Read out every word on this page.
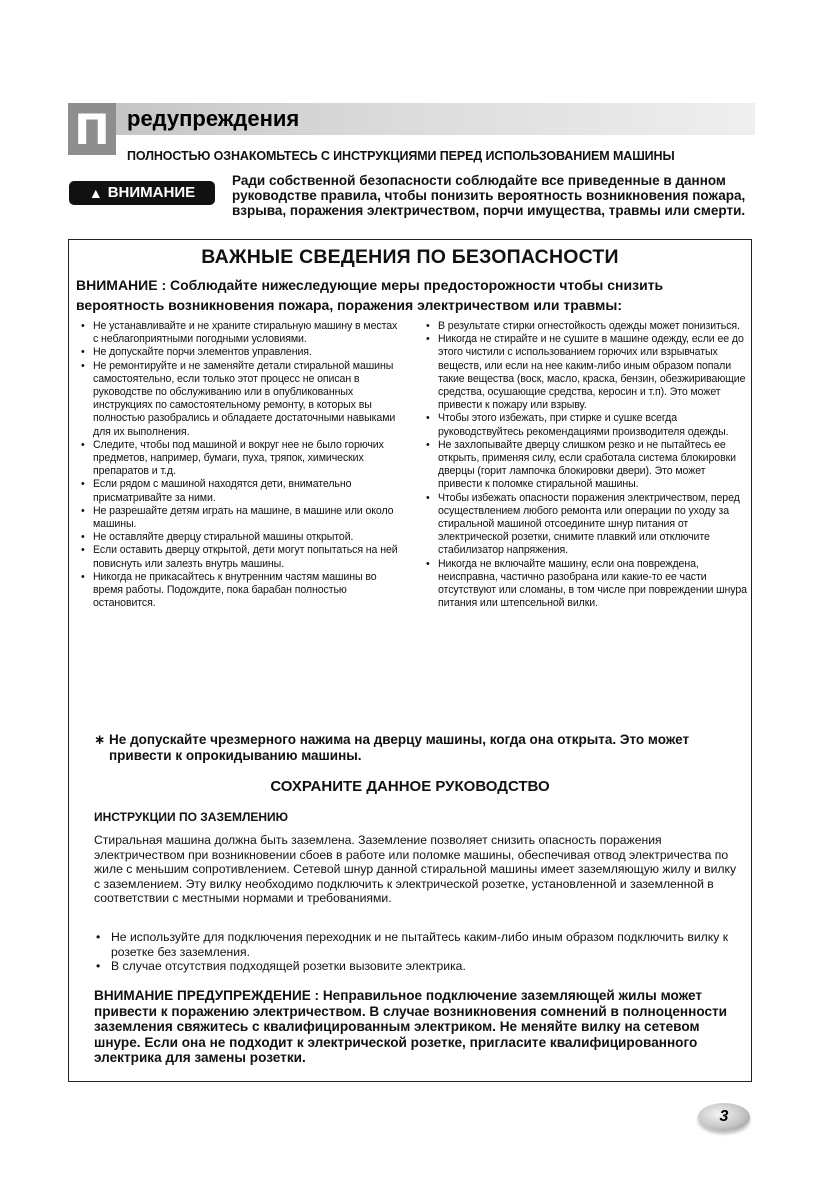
П редупреждения
ПОЛНОСТЬЮ ОЗНАКОМЬТЕСЬ С ИНСТРУКЦИЯМИ ПЕРЕД ИСПОЛЬЗОВАНИЕМ МАШИНЫ
▲ ВНИМАНИЕ
Ради собственной безопасности соблюдайте все приведенные в данном руководстве правила, чтобы понизить вероятность возникновения пожара, взрыва, поражения электричеством, порчи имущества, травмы или смерти.
ВАЖНЫЕ СВЕДЕНИЯ ПО БЕЗОПАСНОСТИ
ВНИМАНИЕ : Соблюдайте нижеследующие меры предосторожности чтобы снизить вероятность возникновения пожара, поражения электричеством или травмы:
• Не устанавливайте и не храните стиральную машину в местах с неблагоприятными погодными условиями.
• Не допускайте порчи элементов управления.
• Не ремонтируйте и не заменяйте детали стиральной машины самостоятельно, если только этот процесс не описан в руководстве по обслуживанию или в опубликованных инструкциях по самостоятельному ремонту, в которых вы полностью разобрались и обладаете достаточными навыками для их выполнения.
• Следите, чтобы под машиной и вокруг нее не было горючих предметов, например, бумаги, пуха, тряпок, химических препаратов и т.д.
• Если рядом с машиной находятся дети, внимательно присматривайте за ними.
• Не разрешайте детям играть на машине, в машине или около машины.
• Не оставляйте дверцу стиральной машины открытой.
• Если оставить дверцу открытой, дети могут попытаться на ней повиснуть или залезть внутрь машины.
• Никогда не прикасайтесь к внутренним частям машины во время работы. Подождите, пока барабан полностью остановится.
• В результате стирки огнестойкость одежды может понизиться.
• Никогда не стирайте и не сушите в машине одежду, если ее до этого чистили с использованием горючих или взрывчатых веществ, или если на нее каким-либо иным образом попали такие вещества (воск, масло, краска, бензин, обезжиривающие средства, осушающие средства, керосин и т.п). Это может привести к пожару или взрыву.
• Чтобы этого избежать, при стирке и сушке всегда руководствуйтесь рекомендациями производителя одежды.
• Не захлопывайте дверцу слишком резко и не пытайтесь ее открыть, применяя силу, если сработала система блокировки дверцы (горит лампочка блокировки двери). Это может привести к поломке стиральной машины.
• Чтобы избежать опасности поражения электричеством, перед осуществлением любого ремонта или операции по уходу за стиральной машиной отсоедините шнур питания от электрической розетки, снимите плавкий или отключите стабилизатор напряжения.
• Никогда не включайте машину, если она повреждена, неисправна, частично разобрана или какие-то ее части отсутствуют или сломаны, в том числе при повреждении шнура питания или штепсельной вилки.
∗ Не допускайте чрезмерного нажима на дверцу машины, когда она открыта. Это может привести к опрокидыванию машины.
СОХРАНИТЕ ДАННОЕ РУКОВОДСТВО
ИНСТРУКЦИИ ПО ЗАЗЕМЛЕНИЮ
Стиральная машина должна быть заземлена. Заземление позволяет снизить опасность поражения электричеством при возникновении сбоев в работе или поломке машины, обеспечивая отвод электричества по жиле с меньшим сопротивлением. Сетевой шнур данной стиральной машины имеет заземляющую жилу и вилку с заземлением. Эту вилку необходимо подключить к электрической розетке, установленной и заземленной в соответствии с местными нормами и требованиями.
• Не используйте для подключения переходник и не пытайтесь каким-либо иным образом подключить вилку к розетке без заземления.
• В случае отсутствия подходящей розетки вызовите электрика.
ВНИМАНИЕ ПРЕДУПРЕЖДЕНИЕ : Неправильное подключение заземляющей жилы может привести к поражению электричеством. В случае возникновения сомнений в полноценности заземления свяжитесь с квалифицированным электриком. Не меняйте вилку на сетевом шнуре. Если она не подходит к электрической розетке, пригласите квалифицированного электрика для замены розетки.
3
